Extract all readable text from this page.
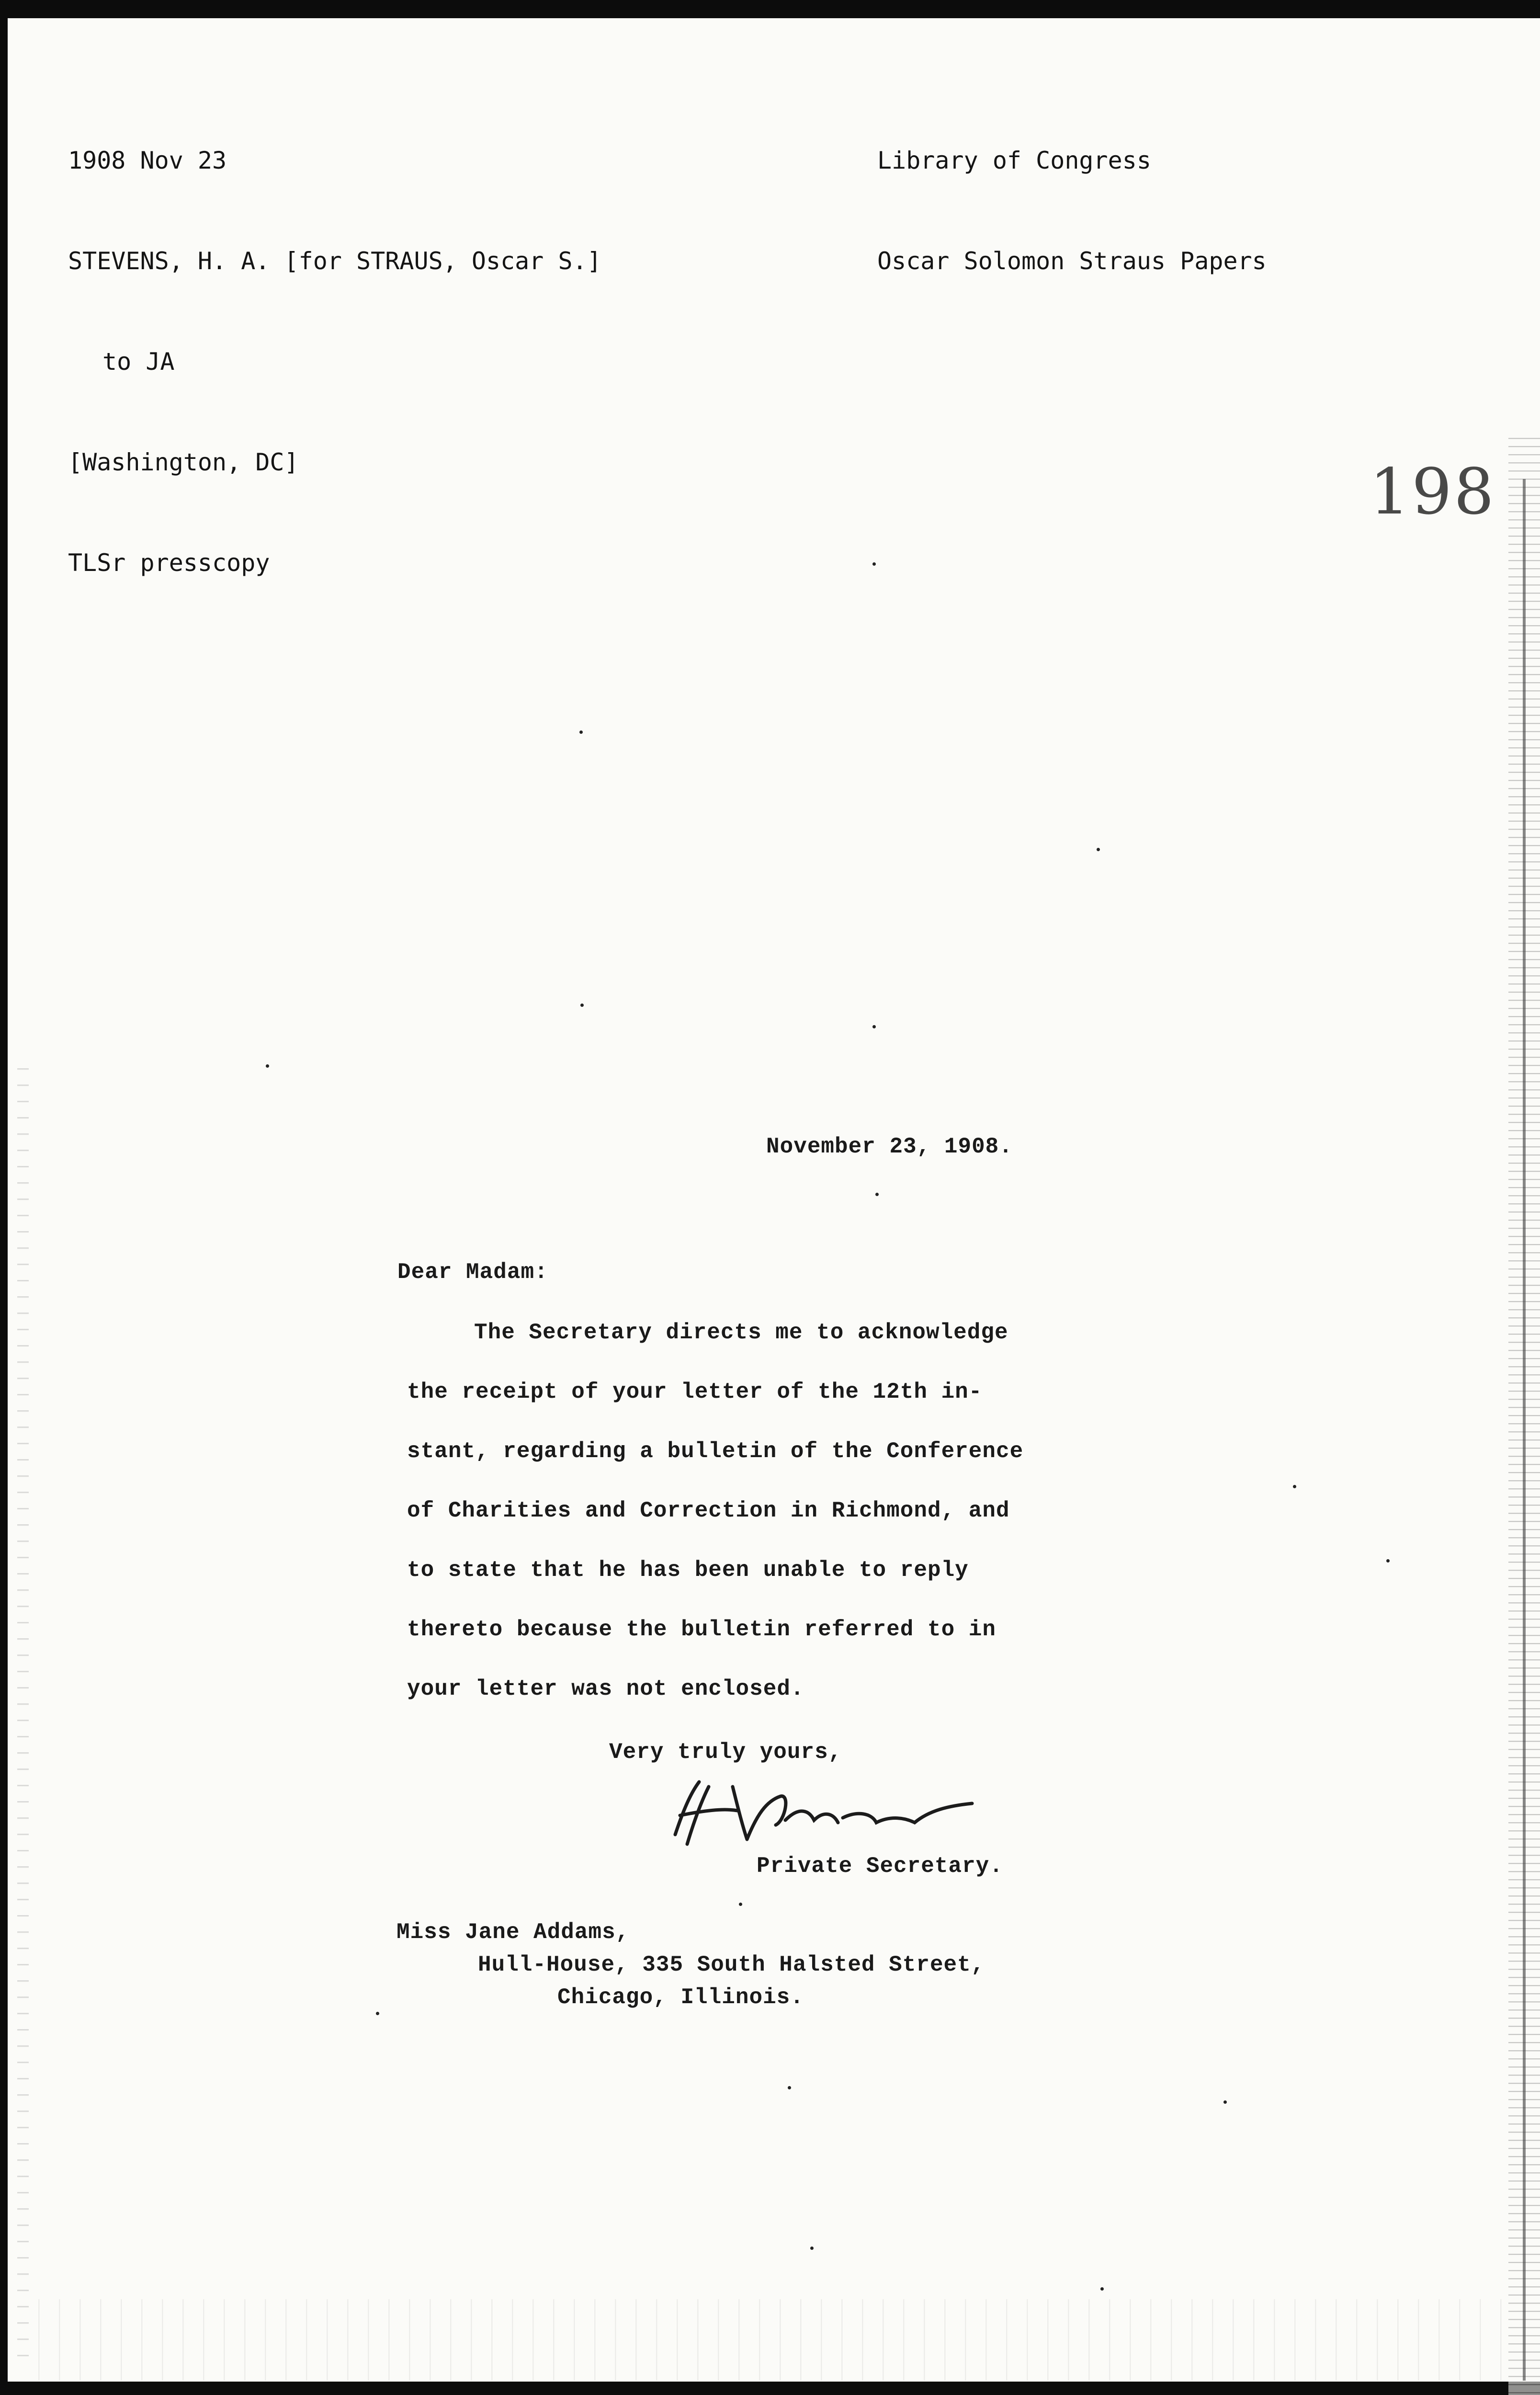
1908 Nov 23

STEVENS, H. A. [for STRAUS, Oscar S.]

to JA

[Washington, DC]

TLSr presscopy

Library of Congress

Oscar Solomon Straus Papers

198
November 23, 1908.
Dear Madam:
The Secretary directs me to acknowledge
the receipt of your letter of the 12th in-
stant, regarding a bulletin of the Conference
of Charities and Correction in Richmond, and
to state that he has been unable to reply
thereto because the bulletin referred to in
your letter was not enclosed.
Very truly yours,
Private Secretary.
Miss Jane Addams,
Hull-House, 335 South Halsted Street,
Chicago, Illinois.
